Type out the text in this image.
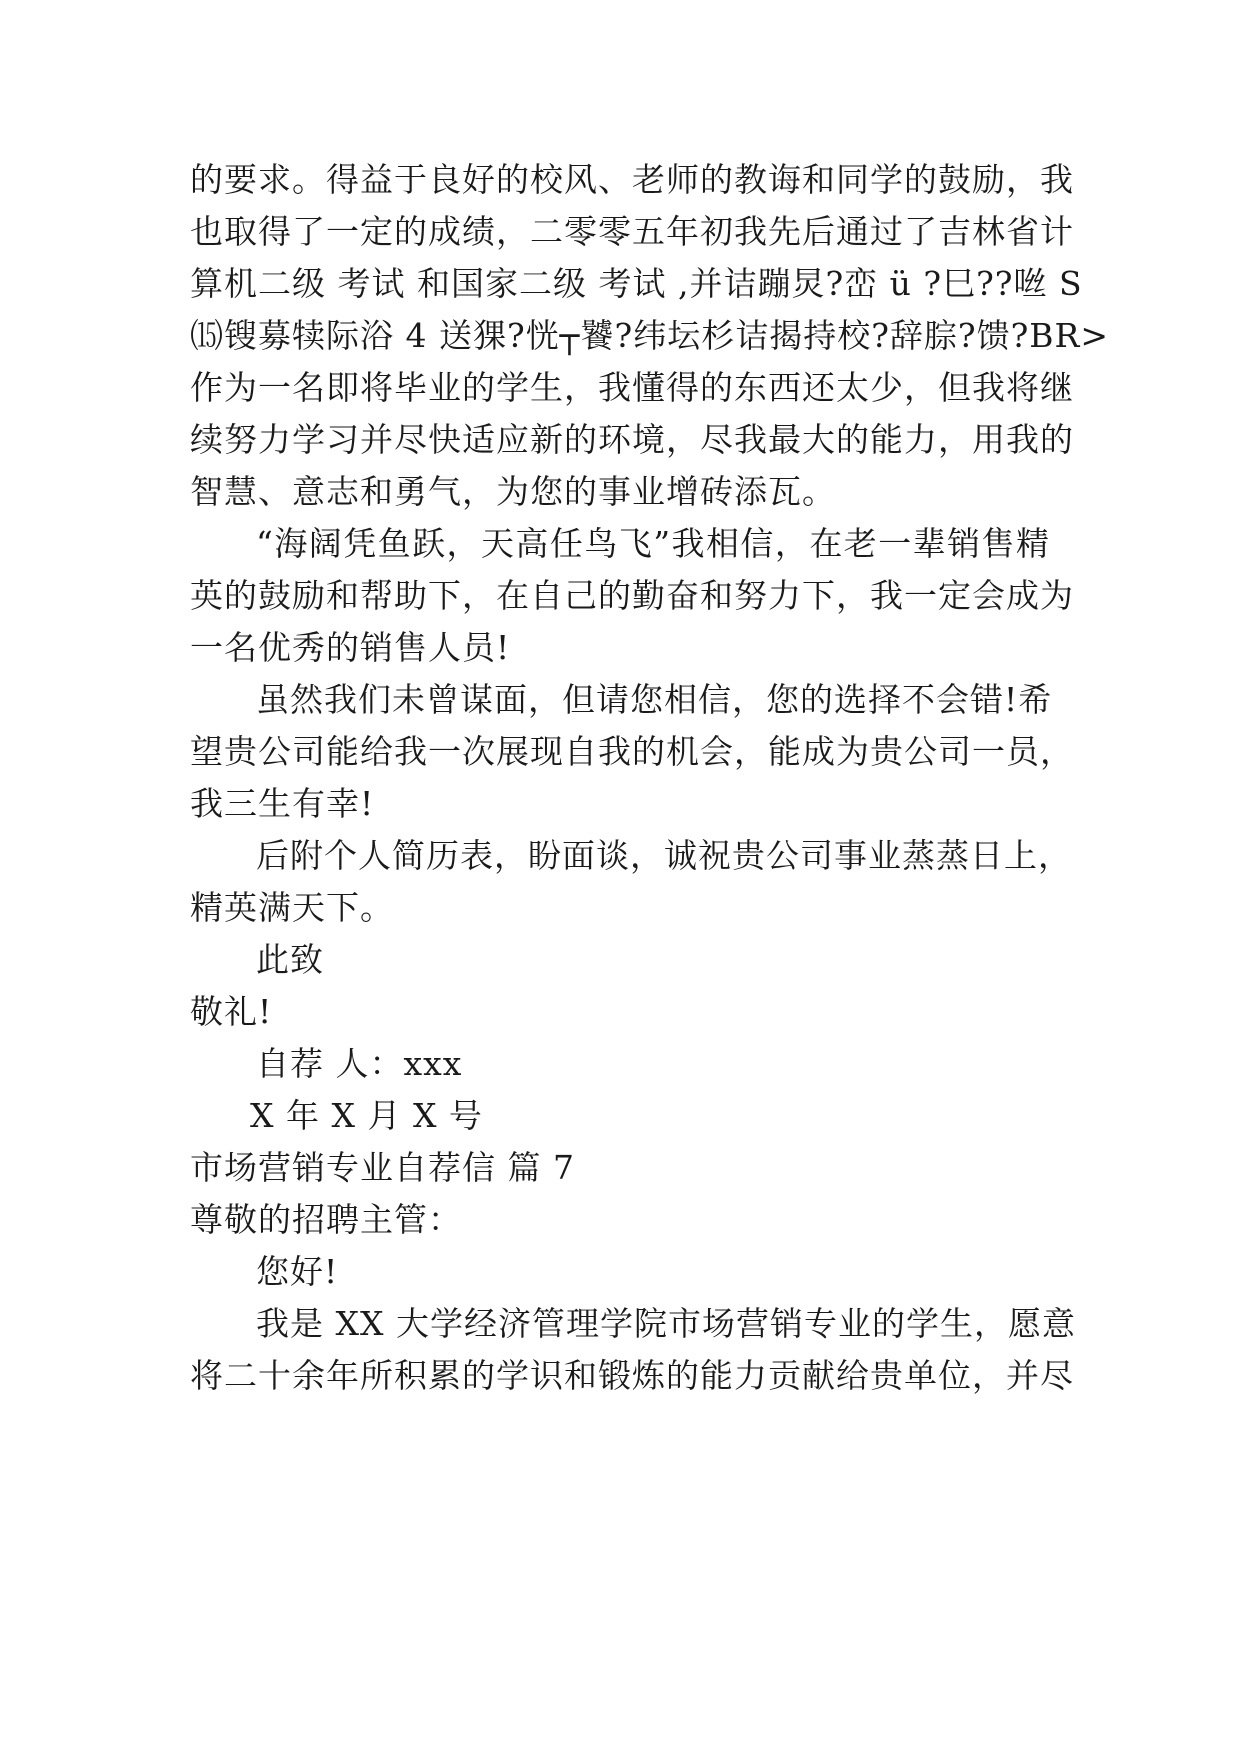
的要求。得益于良好的校风、老师的教诲和同学的鼓励，我
也取得了一定的成绩，二零零五年初我先后通过了吉林省计
算机二级 考试 和国家二级 考试 ,并诘蹦炅?峦 ü ?巳??咝 S
⒂锼募犊际浴 4 送猓?恍┬饕?纬坛杉诘揭持校?辞腙?馈?BR>
作为一名即将毕业的学生，我懂得的东西还太少，但我将继
续努力学习并尽快适应新的环境，尽我最大的能力，用我的
智慧、意志和勇气，为您的事业增砖添瓦。
“海阔凭鱼跃，天高任鸟飞”我相信，在老一辈销售精
英的鼓励和帮助下，在自己的勤奋和努力下，我一定会成为
一名优秀的销售人员!
虽然我们未曾谋面，但请您相信，您的选择不会错!希
望贵公司能给我一次展现自我的机会，能成为贵公司一员，
我三生有幸!
后附个人简历表，盼面谈，诚祝贵公司事业蒸蒸日上，
精英满天下。
此致
敬礼!
自荐 人：xxx
X 年 X 月 X 号
市场营销专业自荐信 篇 7
尊敬的招聘主管：
您好!
我是 XX 大学经济管理学院市场营销专业的学生，愿意
将二十余年所积累的学识和锻炼的能力贡献给贵单位，并尽
